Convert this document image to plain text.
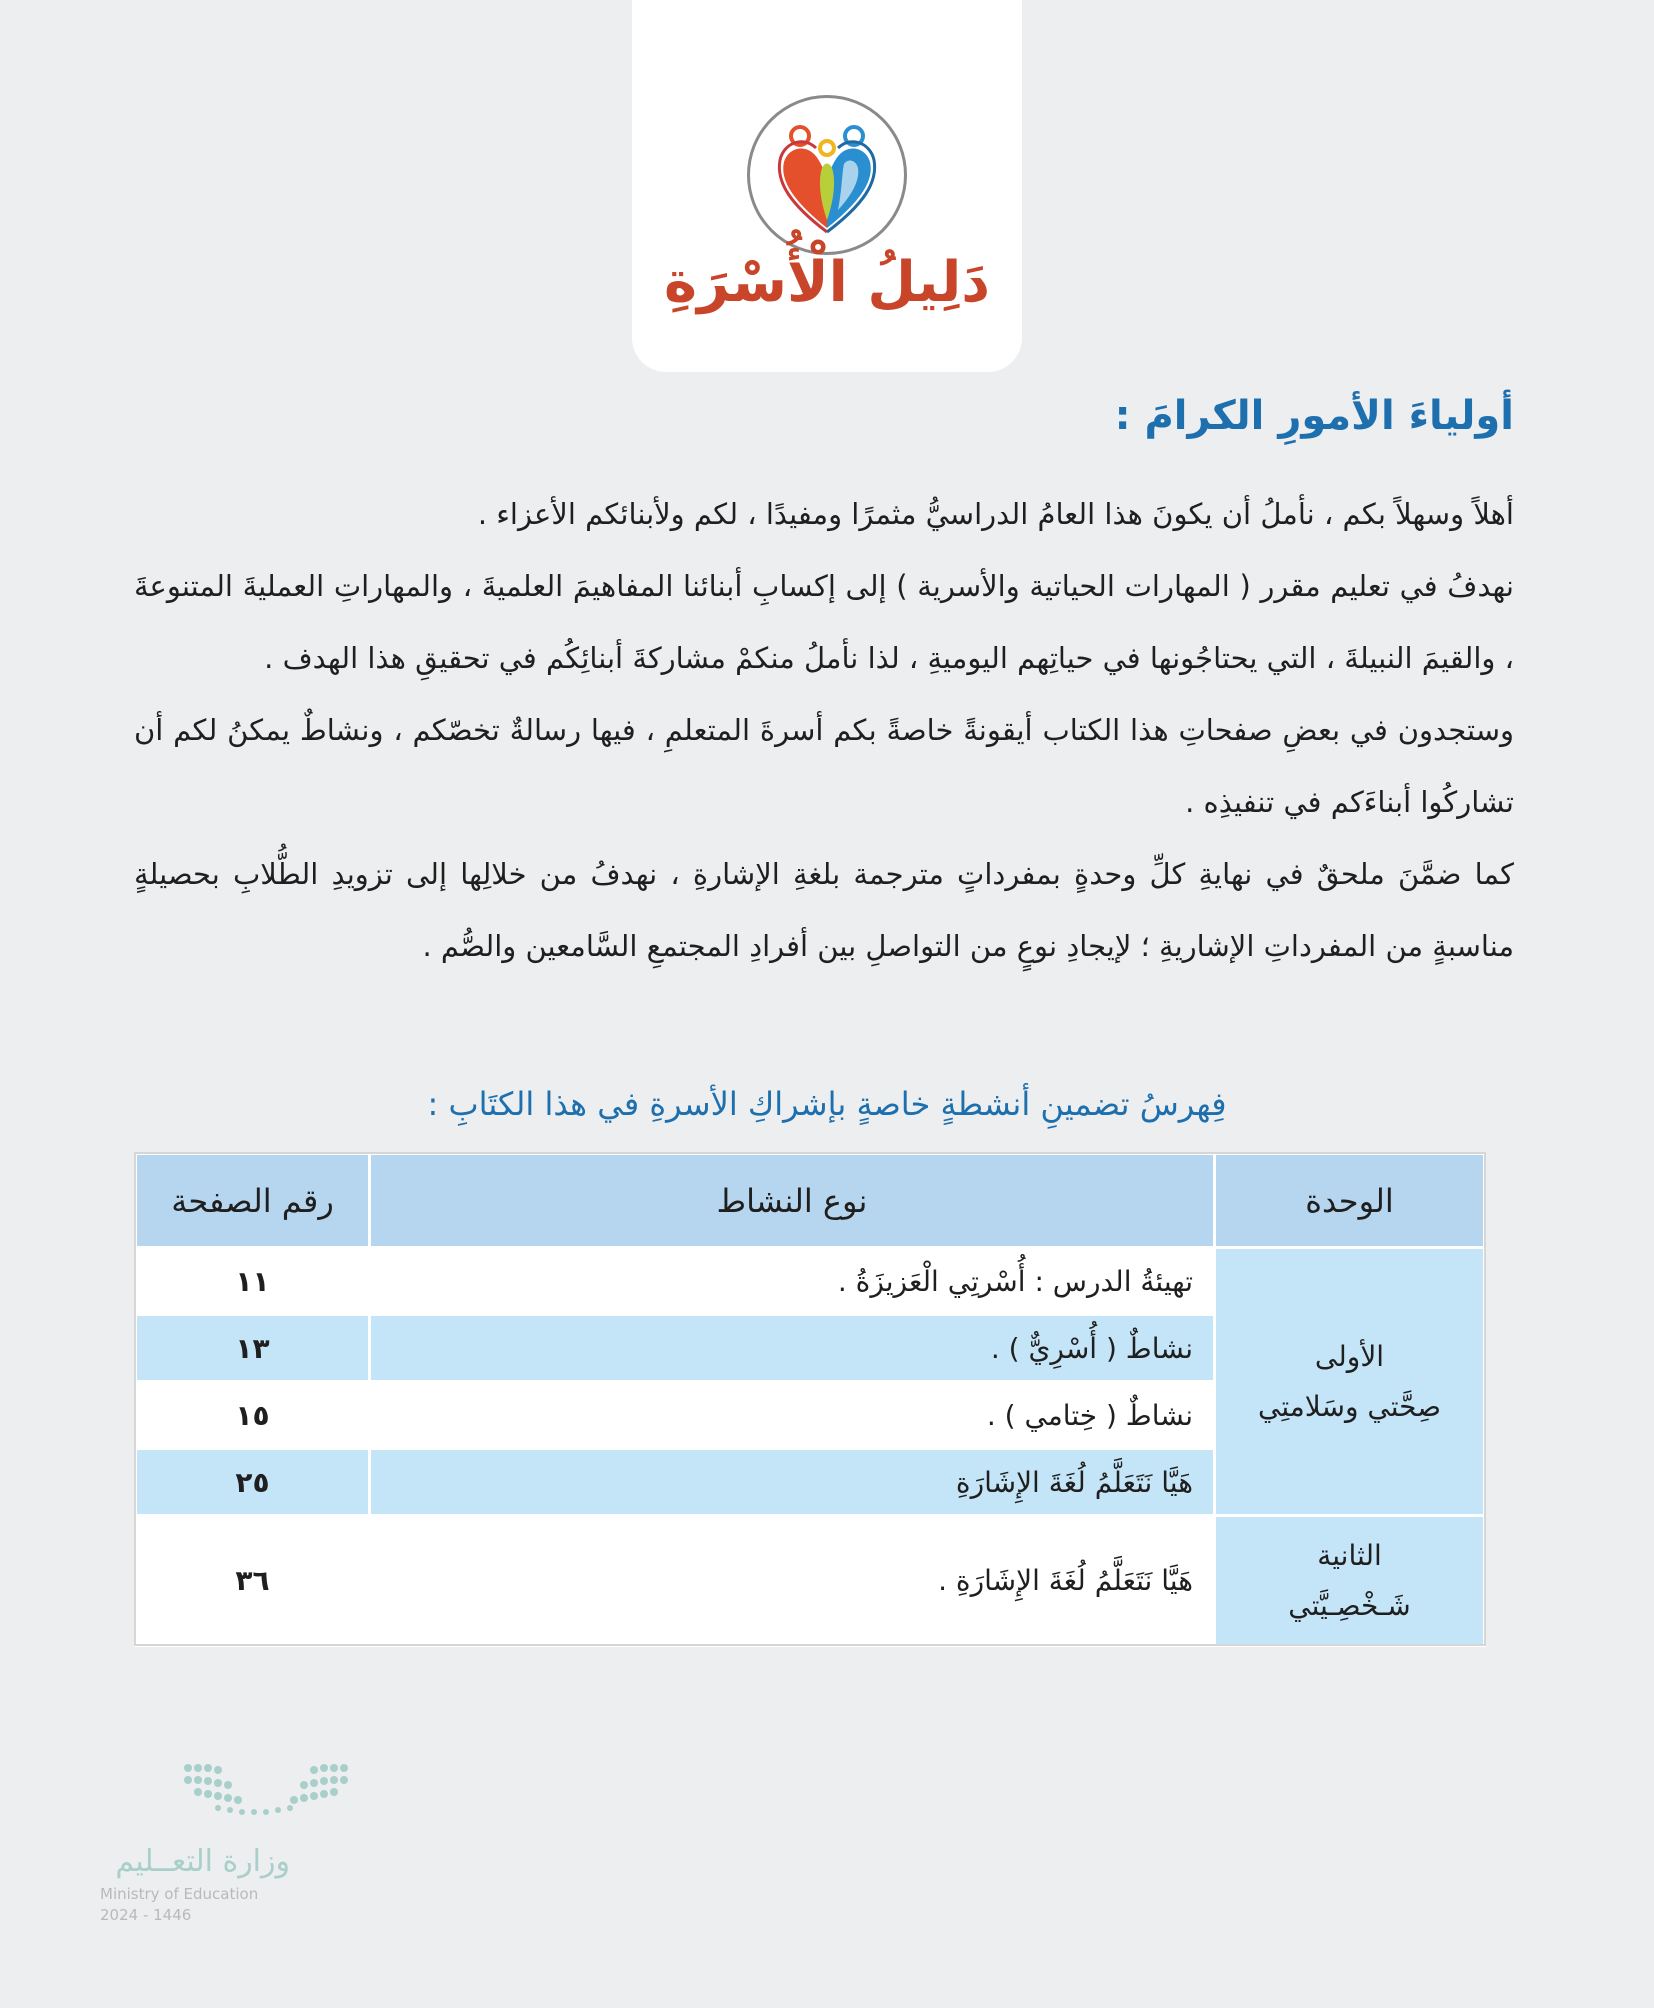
دَلِيلُ الْأُسْرَةِ
أولياءَ الأمورِ الكرامَ :

أهلاً وسهلاً بكم ، نأملُ أن يكونَ هذا العامُ الدراسيُّ مثمرًا ومفيدًا ، لكم ولأبنائكم الأعزاء .

نهدفُ في تعليم مقرر ( المهارات الحياتية والأسرية ) إلى إكسابِ أبنائنا المفاهيمَ العلميةَ ، والمهاراتِ العمليةَ المتنوعةَ ، والقيمَ النبيلةَ ، التي يحتاجُونها في حياتِهم اليوميةِ ، لذا نأملُ منكمْ مشاركةَ أبنائِكُم في تحقيقِ هذا الهدف .

وستجدون في بعضِ صفحاتِ هذا الكتاب أيقونةً خاصةً بكم أسرةَ المتعلمِ ، فيها رسالةٌ تخصّكم ، ونشاطٌ يمكنُ لكم أن تشاركُوا أبناءَكم في تنفيذِه .

كما ضمَّنَ ملحقٌ في نهايةِ كلِّ وحدةٍ بمفرداتٍ مترجمة بلغةِ الإشارةِ ، نهدفُ من خلالِها إلى تزويدِ الطُّلابِ بحصيلةٍ مناسبةٍ من المفرداتِ الإشاريةِ ؛ لإيجادِ نوعٍ من التواصلِ بين أفرادِ المجتمعِ السَّامعين والصُّم .

فِهرسُ تضمينِ أنشطةٍ خاصةٍ بإشراكِ الأسرةِ في هذا الكتَابِ :
الوحدة	نوع النشاط	رقم الصفحة

الأولى
صِحَّتي وسَلامتِي	تهيئةُ الدرس : أُسْرتِي الْعَزيزَةُ .	١١
	نشاطٌ ( أُسْرِيٌّ ) .	١٣
	نشاطٌ ( خِتامي ) .	١٥
	هَيَّا نَتَعَلَّمُ لُغَةَ الإِشَارَةِ	٢٥

الثانية
شَـخْصِـيَّتي	هَيَّا نَتَعَلَّمُ لُغَةَ الإِشَارَةِ .	٣٦
وزارة التعــليم
Ministry of Education
2024 - 1446
